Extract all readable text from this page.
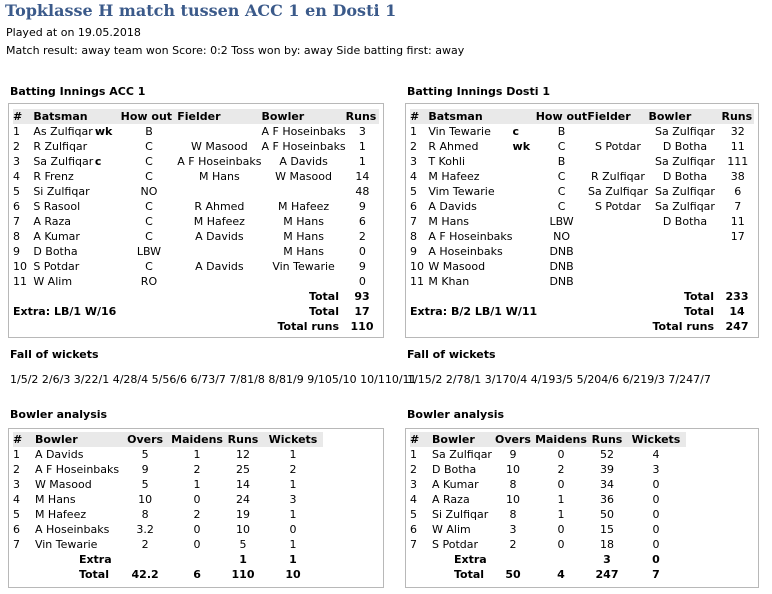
Topklasse H match tussen ACC 1 en Dosti 1
Played at on 19.05.2018
Match result: away team won Score: 0:2 Toss won by: away Side batting first: away
Batting Innings ACC 1
#	Batsman		How out	Fielder	Bowler	Runs
1	As Zulfiqar	wk	B		A F Hoseinbaks	3
2	R Zulfiqar		C	W Masood	A F Hoseinbaks	1
3	Sa Zulfiqar	c	C	A F Hoseinbaks	A Davids	1
4	R Frenz		C	M Hans	W Masood	14
5	Si Zulfiqar		NO			48
6	S Rasool		C	R Ahmed	M Hafeez	9
7	A Raza		C	M Hafeez	M Hans	6
8	A Kumar		C	A Davids	M Hans	2
9	D Botha		LBW		M Hans	0
10	S Potdar		C	A Davids	Vin Tewarie	9
11	W Alim		RO			0
	Total	93
Extra: LB/1 W/16	Total	17
	Total runs	110
Batting Innings Dosti 1
#	Batsman		How out	Fielder	Bowler	Runs
1	Vin Tewarie	c	B		Sa Zulfiqar	32
2	R Ahmed	wk	C	S Potdar	D Botha	11
3	T Kohli		B		Sa Zulfiqar	111
4	M Hafeez		C	R Zulfiqar	D Botha	38
5	Vim Tewarie		C	Sa Zulfiqar	Sa Zulfiqar	6
6	A Davids		C	S Potdar	Sa Zulfiqar	7
7	M Hans		LBW		D Botha	11
8	A F Hoseinbaks		NO			17
9	A Hoseinbaks		DNB			
10	W Masood		DNB			
11	M Khan		DNB			
	Total	233
Extra: B/2 LB/1 W/11	Total	14
	Total runs	247
Fall of wickets
1/5/2 2/6/3 3/22/1 4/28/4 5/56/6 6/73/7 7/81/8 8/81/9 9/105/10 10/110/11
Fall of wickets
1/15/2 2/78/1 3/170/4 4/193/5 5/204/6 6/219/3 7/247/7
Bowler analysis
#	Bowler	Overs	Maidens	Runs	Wickets
1	A Davids	5	1	12	1
2	A F Hoseinbaks	9	2	25	2
3	W Masood	5	1	14	1
4	M Hans	10	0	24	3
5	M Hafeez	8	2	19	1
6	A Hoseinbaks	3.2	0	10	0
7	Vin Tewarie	2	0	5	1
	Extra			1	1
	Total	42.2	6	110	10
Bowler analysis
#	Bowler	Overs	Maidens	Runs	Wickets
1	Sa Zulfiqar	9	0	52	4
2	D Botha	10	2	39	3
3	A Kumar	8	0	34	0
4	A Raza	10	1	36	0
5	Si Zulfiqar	8	1	50	0
6	W Alim	3	0	15	0
7	S Potdar	2	0	18	0
	Extra			3	0
	Total	50	4	247	7
